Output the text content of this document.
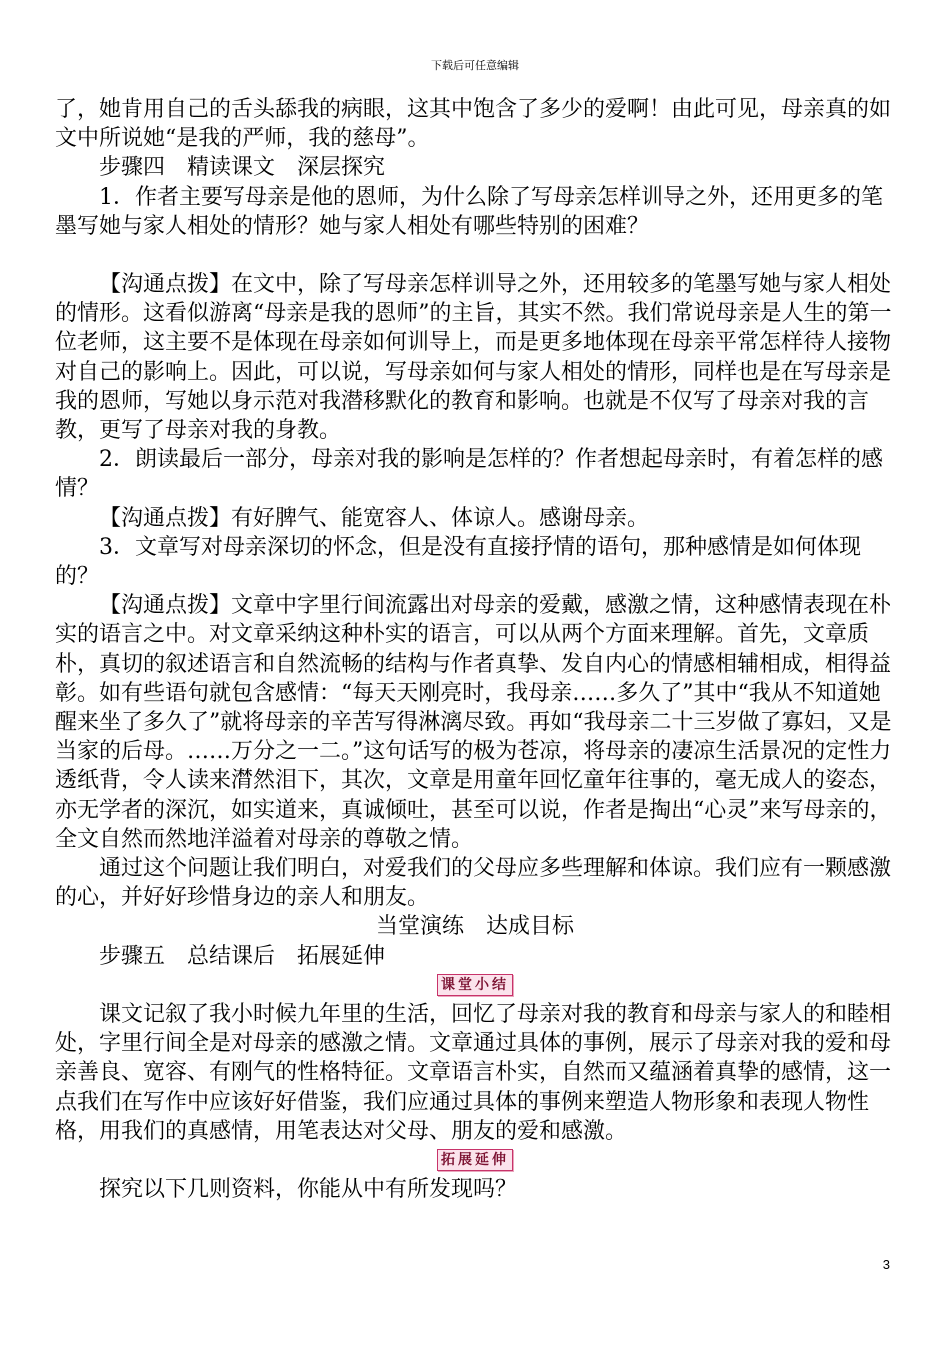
下载后可任意编辑

了，她肯用自己的舌头舔我的病眼，这其中饱含了多少的爱啊！由此可见，母亲真的如文中所说她“是我的严师，我的慈母”。

步骤四　精读课文　深层探究

1．作者主要写母亲是他的恩师，为什么除了写母亲怎样训导之外，还用更多的笔墨写她与家人相处的情形？她与家人相处有哪些特别的困难？

【沟通点拨】在文中，除了写母亲怎样训导之外，还用较多的笔墨写她与家人相处的情形。这看似游离“母亲是我的恩师”的主旨，其实不然。我们常说母亲是人生的第一位老师，这主要不是体现在母亲如何训导上，而是更多地体现在母亲平常怎样待人接物对自己的影响上。因此，可以说，写母亲如何与家人相处的情形，同样也是在写母亲是我的恩师，写她以身示范对我潜移默化的教育和影响。也就是不仅写了母亲对我的言教，更写了母亲对我的身教。

2．朗读最后一部分，母亲对我的影响是怎样的？作者想起母亲时，有着怎样的感情？

【沟通点拨】有好脾气、能宽容人、体谅人。感谢母亲。

3．文章写对母亲深切的怀念，但是没有直接抒情的语句，那种感情是如何体现的？

【沟通点拨】文章中字里行间流露出对母亲的爱戴，感激之情，这种感情表现在朴实的语言之中。对文章采纳这种朴实的语言，可以从两个方面来理解。首先，文章质朴，真切的叙述语言和自然流畅的结构与作者真挚、发自内心的情感相辅相成，相得益彰。如有些语句就包含感情：“每天天刚亮时，我母亲……多久了”其中“我从不知道她醒来坐了多久了”就将母亲的辛苦写得淋漓尽致。再如“我母亲二十三岁做了寡妇，又是当家的后母。……万分之一二。”这句话写的极为苍凉，将母亲的凄凉生活景况的定性力透纸背，令人读来潸然泪下，其次，文章是用童年回忆童年往事的，毫无成人的姿态，亦无学者的深沉，如实道来，真诚倾吐，甚至可以说，作者是掏出“心灵”来写母亲的，全文自然而然地洋溢着对母亲的尊敬之情。

通过这个问题让我们明白，对爱我们的父母应多些理解和体谅。我们应有一颗感激的心，并好好珍惜身边的亲人和朋友。

当堂演练　达成目标

步骤五　总结课后　拓展延伸

课堂小结

课文记叙了我小时候九年里的生活，回忆了母亲对我的教育和母亲与家人的和睦相处，字里行间全是对母亲的感激之情。文章通过具体的事例，展示了母亲对我的爱和母亲善良、宽容、有刚气的性格特征。文章语言朴实，自然而又蕴涵着真挚的感情，这一点我们在写作中应该好好借鉴，我们应通过具体的事例来塑造人物形象和表现人物性格，用我们的真感情，用笔表达对父母、朋友的爱和感激。

拓展延伸

探究以下几则资料，你能从中有所发现吗？

3
